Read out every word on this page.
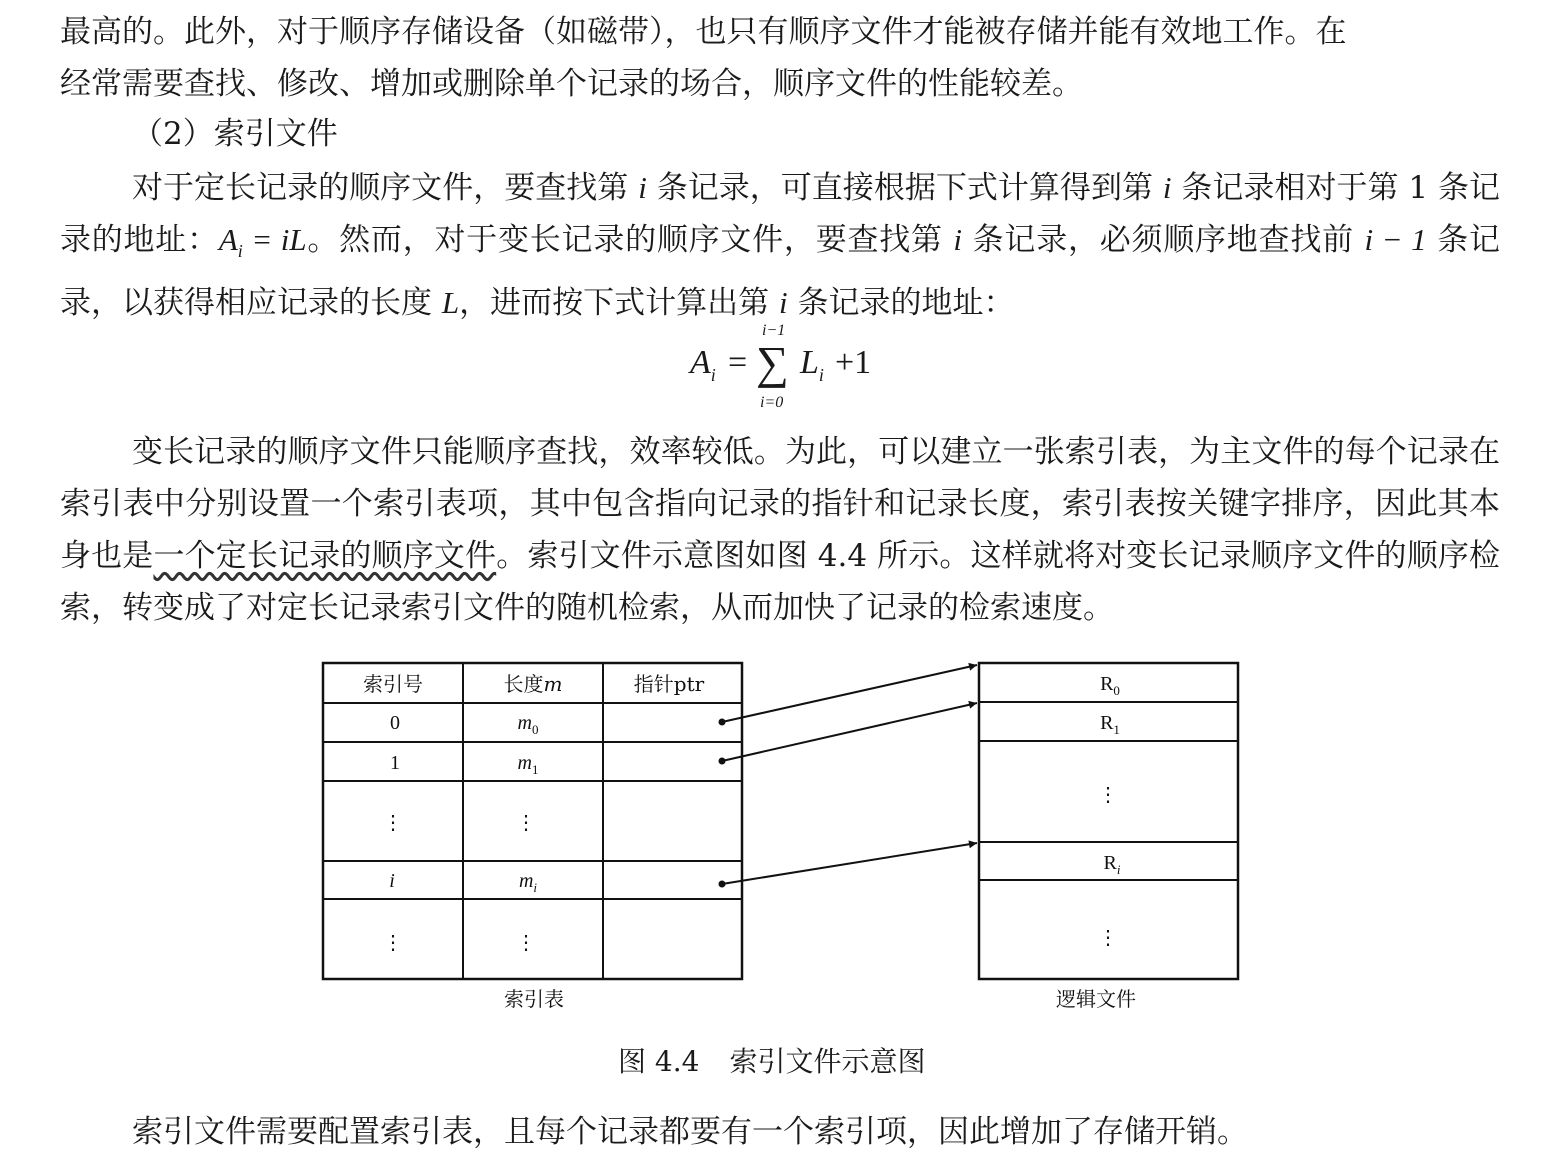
最高的。此外，对于顺序存储设备（如磁带），也只有顺序文件才能被存储并能有效地工作。在
经常需要查找、修改、增加或删除单个记录的场合，顺序文件的性能较差。

（2）索引文件

对于定长记录的顺序文件，要查找第 i 条记录，可直接根据下式计算得到第 i 条记录相对于第 1 条记录的地址：$A_i$ = iL。然而，对于变长记录的顺序文件，要查找第 i 条记录，必须顺序地查找前 i − 1 条记录，以获得相应记录的长度 L，进而按下式计算出第 i 条记录的地址：

$A_i$ = ∑
i−1
i=0
$L_i +1$

变长记录的顺序文件只能顺序查找，效率较低。为此，可以建立一张索引表，为主文件的每个记录在索引表中分别设置一个索引表项，其中包含指向记录的指针和记录长度，索引表按关键字排序，因此其本身也是一个定长记录的顺序文件。索引文件示意图如图 4.4 所示。这样就将对变长记录顺序文件的顺序检索，转变成了对定长记录索引文件的随机检索，从而加快了记录的检索速度。

索引号	长度m	指针ptr
0	$m_0$
1	$m_1$
⋮	⋮
i	$m_i$
⋮	⋮
索引表
$R_0$
$R_1$
⋮
$R_i$
⋮
逻辑文件

图 4.4 索引文件示意图

索引文件需要配置索引表，且每个记录都要有一个索引项，因此增加了存储开销。
